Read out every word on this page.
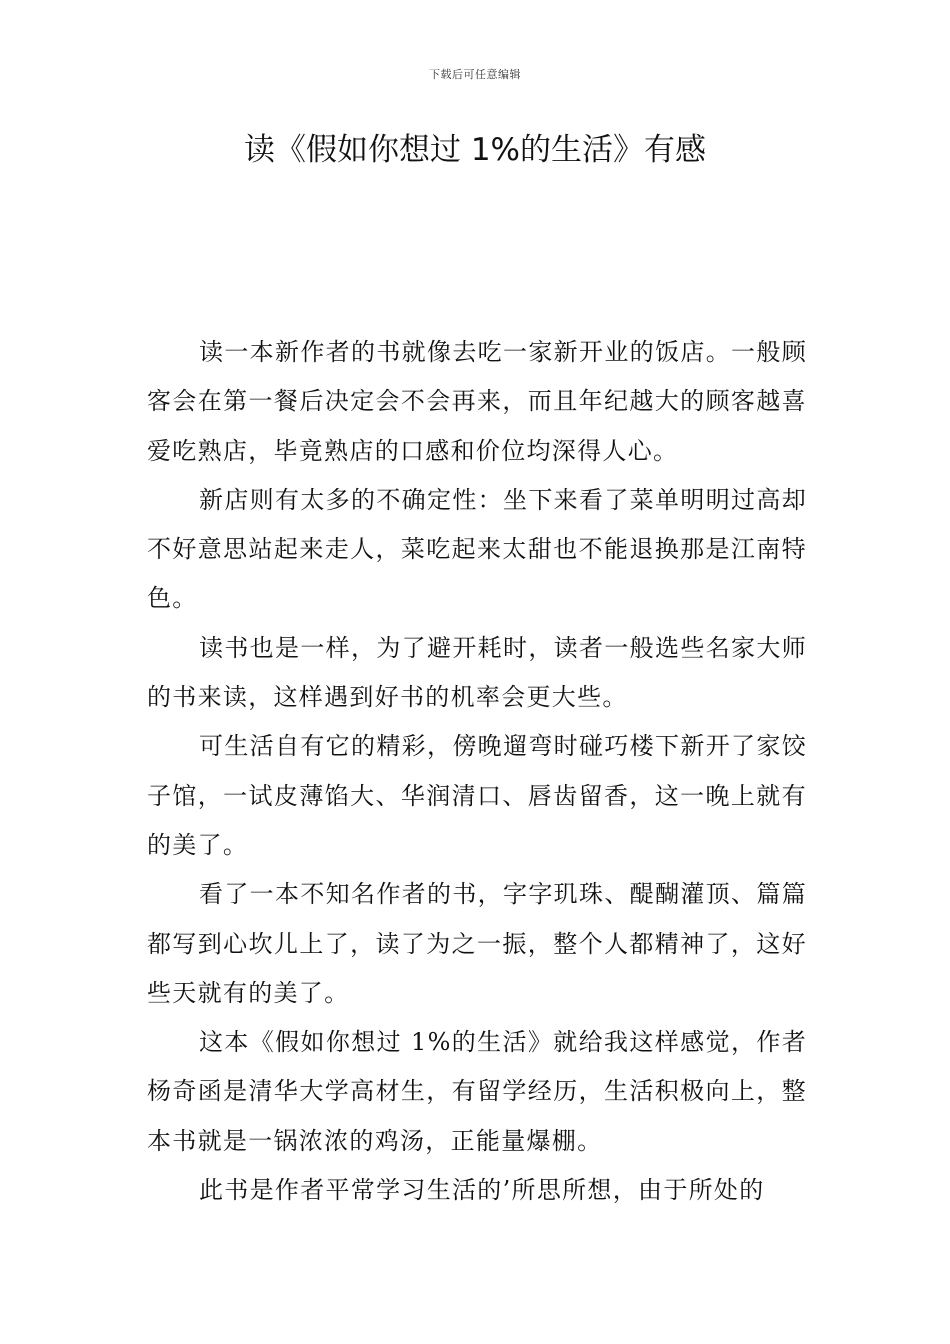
下载后可任意编辑
读《假如你想过 1%的生活》有感

读一本新作者的书就像去吃一家新开业的饭店。一般顾客会在第一餐后决定会不会再来，而且年纪越大的顾客越喜爱吃熟店，毕竟熟店的口感和价位均深得人心。

新店则有太多的不确定性：坐下来看了菜单明明过高却不好意思站起来走人，菜吃起来太甜也不能退换那是江南特色。

读书也是一样，为了避开耗时，读者一般选些名家大师的书来读，这样遇到好书的机率会更大些。

可生活自有它的精彩，傍晚遛弯时碰巧楼下新开了家饺子馆，一试皮薄馅大、华润清口、唇齿留香，这一晚上就有的美了。

看了一本不知名作者的书，字字玑珠、醍醐灌顶、篇篇都写到心坎儿上了，读了为之一振，整个人都精神了，这好些天就有的美了。

这本《假如你想过 1%的生活》就给我这样感觉，作者杨奇函是清华大学高材生，有留学经历，生活积极向上，整本书就是一锅浓浓的鸡汤，正能量爆棚。

此书是作者平常学习生活的’所思所想，由于所处的
